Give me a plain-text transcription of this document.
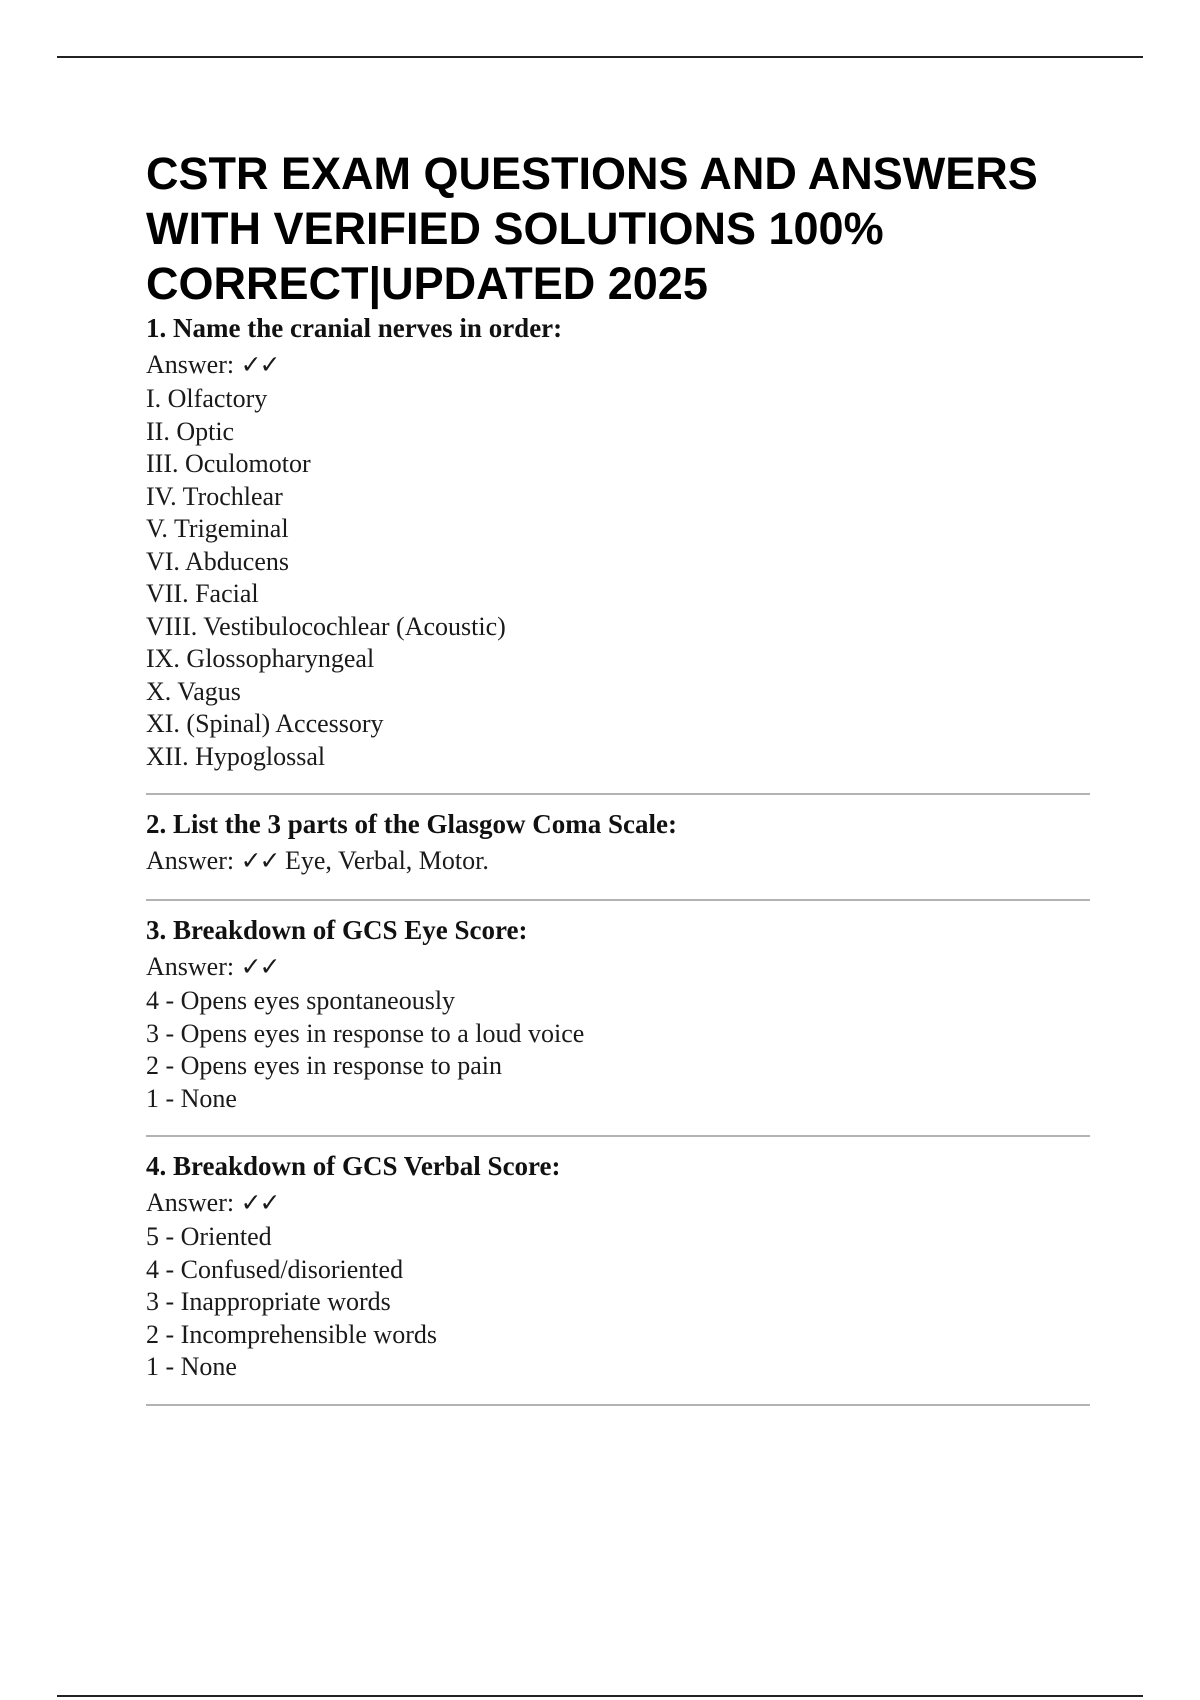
CSTR EXAM QUESTIONS AND ANSWERS WITH VERIFIED SOLUTIONS 100% CORRECT|UPDATED 2025

1. Name the cranial nerves in order:

Answer: ✓✓

I. Olfactory

II. Optic

III. Oculomotor

IV. Trochlear

V. Trigeminal

VI. Abducens

VII. Facial

VIII. Vestibulocochlear (Acoustic)

IX. Glossopharyngeal

X. Vagus

XI. (Spinal) Accessory

XII. Hypoglossal

2. List the 3 parts of the Glasgow Coma Scale:

Answer: ✓✓ Eye, Verbal, Motor.

3. Breakdown of GCS Eye Score:

Answer: ✓✓

4 - Opens eyes spontaneously

3 - Opens eyes in response to a loud voice

2 - Opens eyes in response to pain

1 - None

4. Breakdown of GCS Verbal Score:

Answer: ✓✓

5 - Oriented

4 - Confused/disoriented

3 - Inappropriate words

2 - Incomprehensible words

1 - None
